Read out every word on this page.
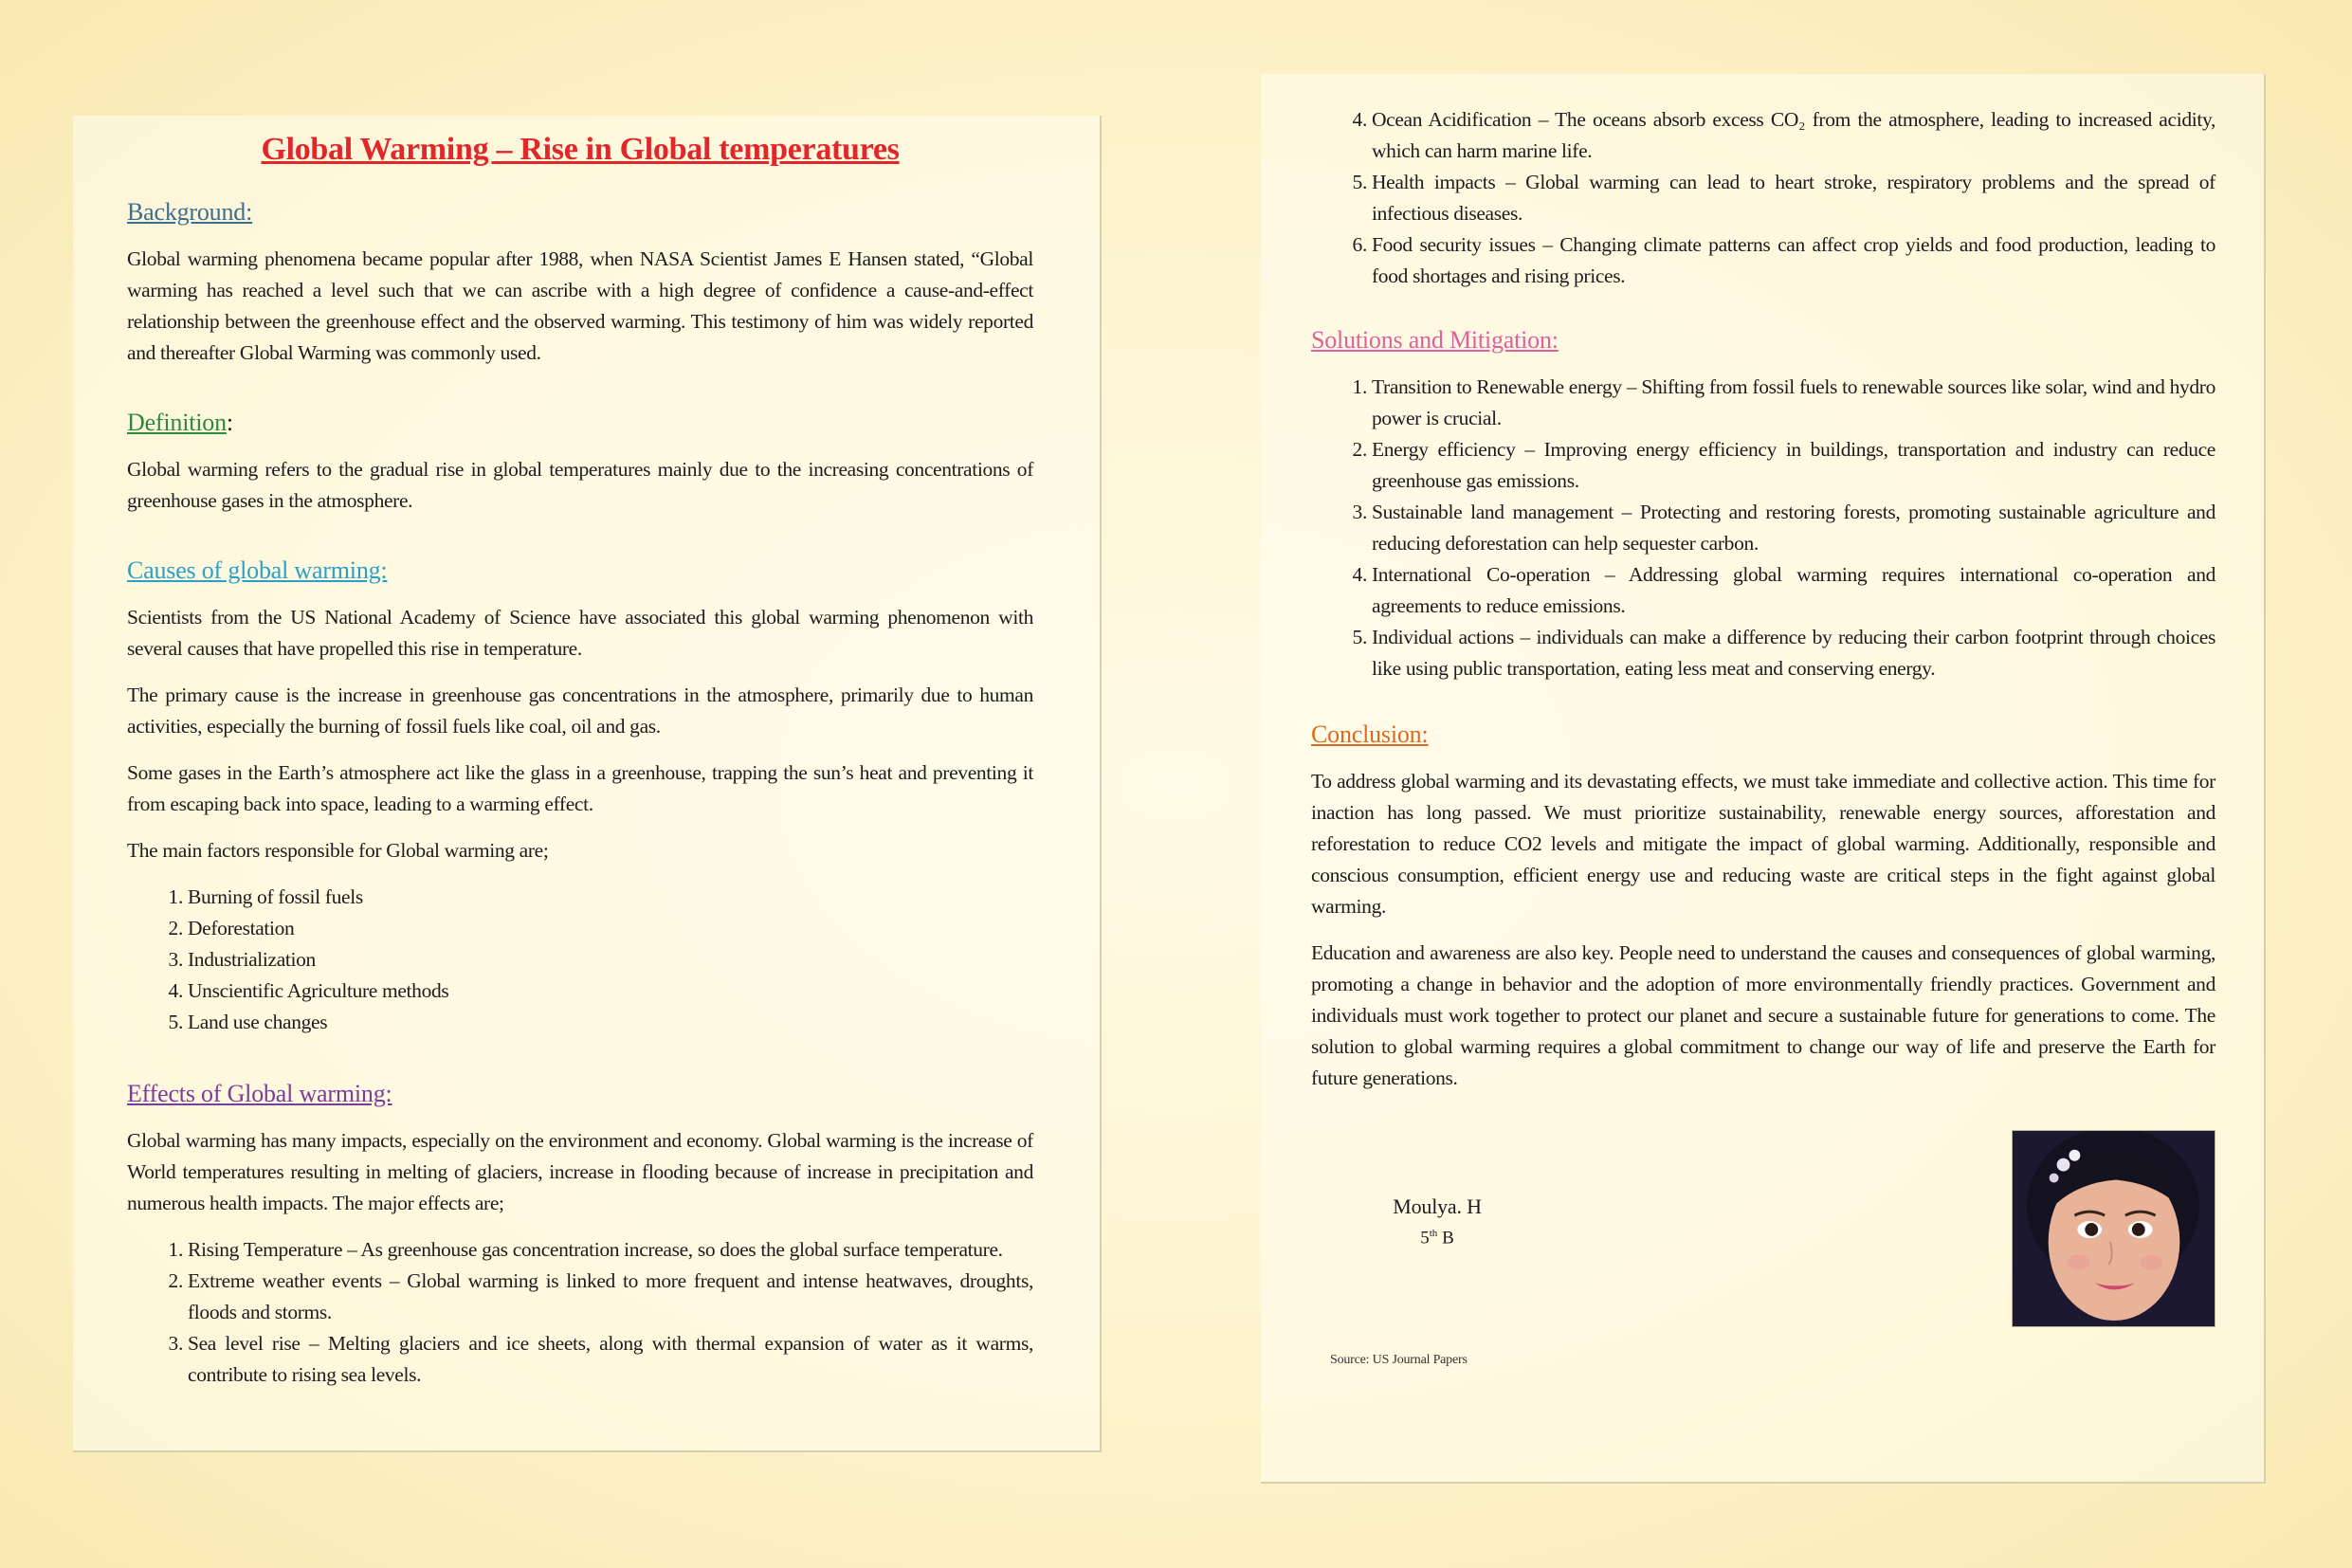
Global Warming – Rise in Global temperatures
Background:

Global warming phenomena became popular after 1988, when NASA Scientist James E Hansen stated, “Global warming has reached a level such that we can ascribe with a high degree of confidence a cause-and-effect relationship between the greenhouse effect and the observed warming. This testimony of him was widely reported and thereafter Global Warming was commonly used.

Definition:

Global warming refers to the gradual rise in global temperatures mainly due to the increasing concentrations of greenhouse gases in the atmosphere.

Causes of global warming:

Scientists from the US National Academy of Science have associated this global warming phenomenon with several causes that have propelled this rise in temperature.

The primary cause is the increase in greenhouse gas concentrations in the atmosphere, primarily due to human activities, especially the burning of fossil fuels like coal, oil and gas.

Some gases in the Earth’s atmosphere act like the glass in a greenhouse, trapping the sun’s heat and preventing it from escaping back into space, leading to a warming effect.

The main factors responsible for Global warming are;

1. Burning of fossil fuels
2. Deforestation
3. Industrialization
4. Unscientific Agriculture methods
5. Land use changes
Effects of Global warming:

Global warming has many impacts, especially on the environment and economy. Global warming is the increase of World temperatures resulting in melting of glaciers, increase in flooding because of increase in precipitation and numerous health impacts. The major effects are;

1. Rising Temperature – As greenhouse gas concentration increase, so does the global surface temperature.
2. Extreme weather events – Global warming is linked to more frequent and intense heatwaves, droughts, floods and storms.
3. Sea level rise – Melting glaciers and ice sheets, along with thermal expansion of water as it warms, contribute to rising sea levels.
4. Ocean Acidification – The oceans absorb excess CO₂ from the atmosphere, leading to increased acidity, which can harm marine life.
5. Health impacts – Global warming can lead to heart stroke, respiratory problems and the spread of infectious diseases.
6. Food security issues – Changing climate patterns can affect crop yields and food production, leading to food shortages and rising prices.
Solutions and Mitigation:
1. Transition to Renewable energy – Shifting from fossil fuels to renewable sources like solar, wind and hydro power is crucial.
2. Energy efficiency – Improving energy efficiency in buildings, transportation and industry can reduce greenhouse gas emissions.
3. Sustainable land management – Protecting and restoring forests, promoting sustainable agriculture and reducing deforestation can help sequester carbon.
4. International Co-operation – Addressing global warming requires international co-operation and agreements to reduce emissions.
5. Individual actions – individuals can make a difference by reducing their carbon footprint through choices like using public transportation, eating less meat and conserving energy.
Conclusion:

To address global warming and its devastating effects, we must take immediate and collective action. This time for inaction has long passed. We must prioritize sustainability, renewable energy sources, afforestation and reforestation to reduce CO2 levels and mitigate the impact of global warming. Additionally, responsible and conscious consumption, efficient energy use and reducing waste are critical steps in the fight against global warming.

Education and awareness are also key. People need to understand the causes and consequences of global warming, promoting a change in behavior and the adoption of more environmentally friendly practices. Government and individuals must work together to protect our planet and secure a sustainable future for generations to come. The solution to global warming requires a global commitment to change our way of life and preserve the Earth for future generations.

Source: US Journal Papers
Moulya. H
5th B
